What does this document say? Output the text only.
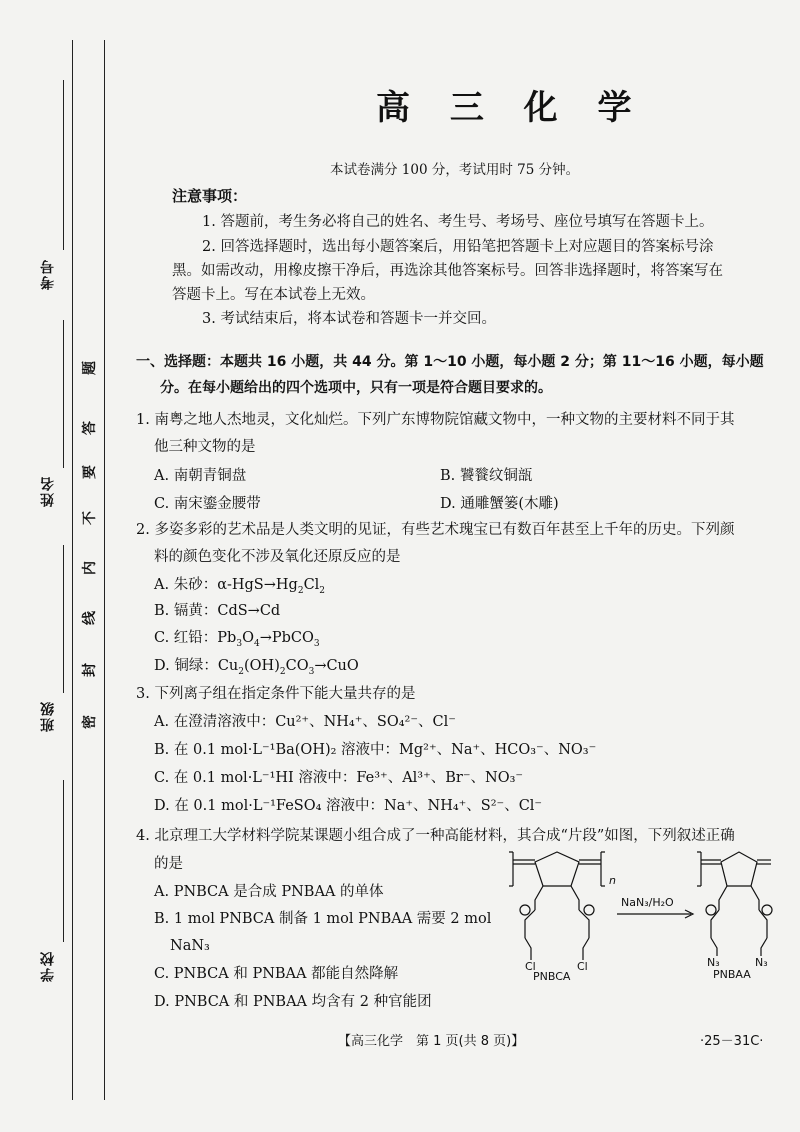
考号
姓名
班级
学校
题
答
要
不
内
线
封
密
高 三 化 学
本试卷满分 100 分，考试用时 75 分钟。
注意事项：
1. 答题前，考生务必将自己的姓名、考生号、考场号、座位号填写在答题卡上。
2. 回答选择题时，选出每小题答案后，用铅笔把答题卡上对应题目的答案标号涂
黑。如需改动，用橡皮擦干净后，再选涂其他答案标号。回答非选择题时，将答案写在
答题卡上。写在本试卷上无效。
3. 考试结束后，将本试卷和答题卡一并交回。
一、选择题：本题共 16 小题，共 44 分。第 1～10 小题，每小题 2 分；第 11～16 小题，每小题
分。在每小题给出的四个选项中，只有一项是符合题目要求的。
1. 南粤之地人杰地灵，文化灿烂。下列广东博物院馆藏文物中，一种文物的主要材料不同于其
他三种文物的是
A. 南朝青铜盘	B. 饕餮纹铜瓿
C. 南宋鎏金腰带	D. 通雕蟹篓(木雕)
2. 多姿多彩的艺术品是人类文明的见证，有些艺术瑰宝已有数百年甚至上千年的历史。下列颜
料的颜色变化不涉及氧化还原反应的是
A. 朱砂：$\alpha-HgS\to Hg_2Cl_2$
B. 镉黄：CdS→Cd
C. 红铅：$Pb_3O_4\to PbCO_3$
D. 铜绿：$Cu_2(OH)_2CO_3\to CuO$
3. 下列离子组在指定条件下能大量共存的是
A. 在澄清溶液中：Cu²⁺、NH₄⁺、SO₄²⁻、Cl⁻
B. 在 0.1 mol·L⁻¹Ba(OH)₂ 溶液中：Mg²⁺、Na⁺、HCO₃⁻、NO₃⁻
C. 在 0.1 mol·L⁻¹HI 溶液中：Fe³⁺、Al³⁺、Br⁻、NO₃⁻
D. 在 0.1 mol·L⁻¹FeSO₄ 溶液中：Na⁺、NH₄⁺、S²⁻、Cl⁻
4. 北京理工大学材料学院某课题小组合成了一种高能材料，其合成“片段”如图，下列叙述正确
的是
A. PNBCA 是合成 PNBAA 的单体
B. 1 mol PNBCA 制备 1 mol PNBAA 需要 2 mol
NaN₃
C. PNBCA 和 PNBAA 都能自然降解
D. PNBCA 和 PNBAA 均含有 2 种官能团
n
NaN₃/H₂O
Cl	Cl
PNBCA
N₃	N₃
PNBAA
【高三化学　第 1 页(共 8 页)】	·25－31C·
